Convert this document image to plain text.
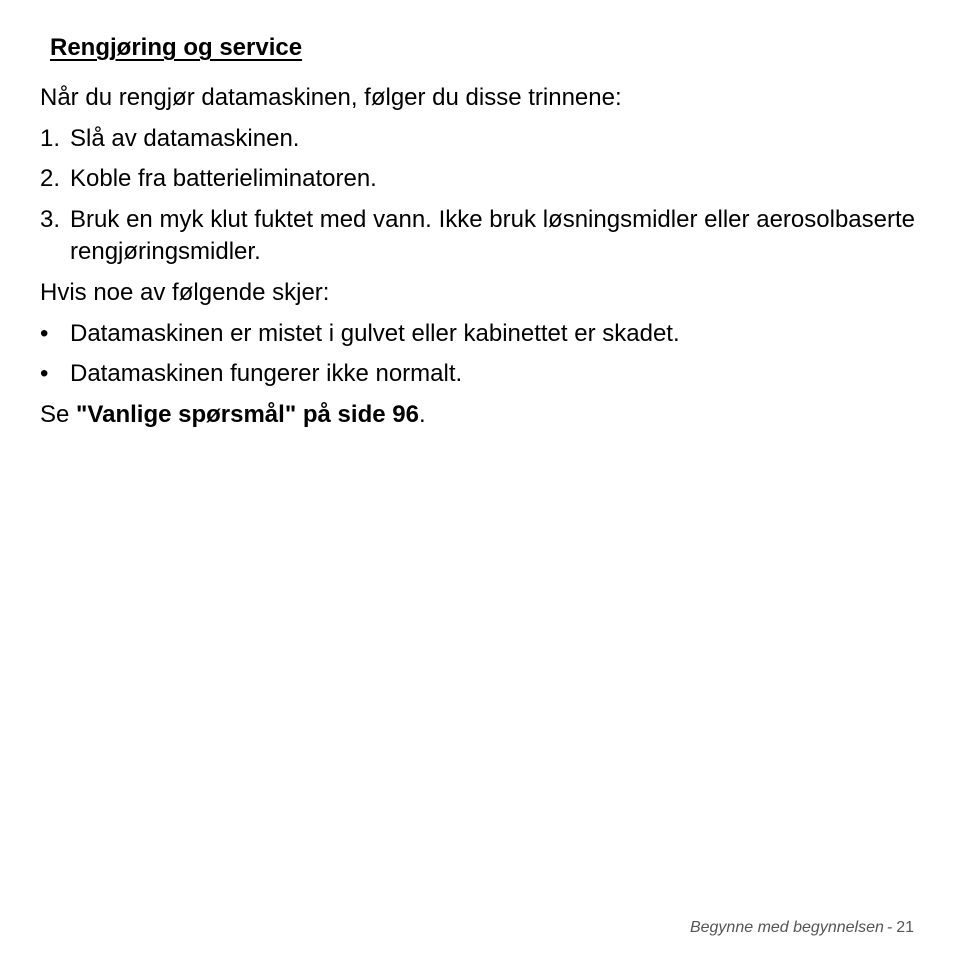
Rengjøring og service

Når du rengjør datamaskinen, følger du disse trinnene:

1. Slå av datamaskinen.
2. Koble fra batterieliminatoren.
3. Bruk en myk klut fuktet med vann. Ikke bruk løsningsmidler eller aerosolbaserte rengjøringsmidler.

Hvis noe av følgende skjer:

• Datamaskinen er mistet i gulvet eller kabinettet er skadet.
• Datamaskinen fungerer ikke normalt.

Se "Vanlige spørsmål" på side 96.

Begynne med begynnelsen - 21
